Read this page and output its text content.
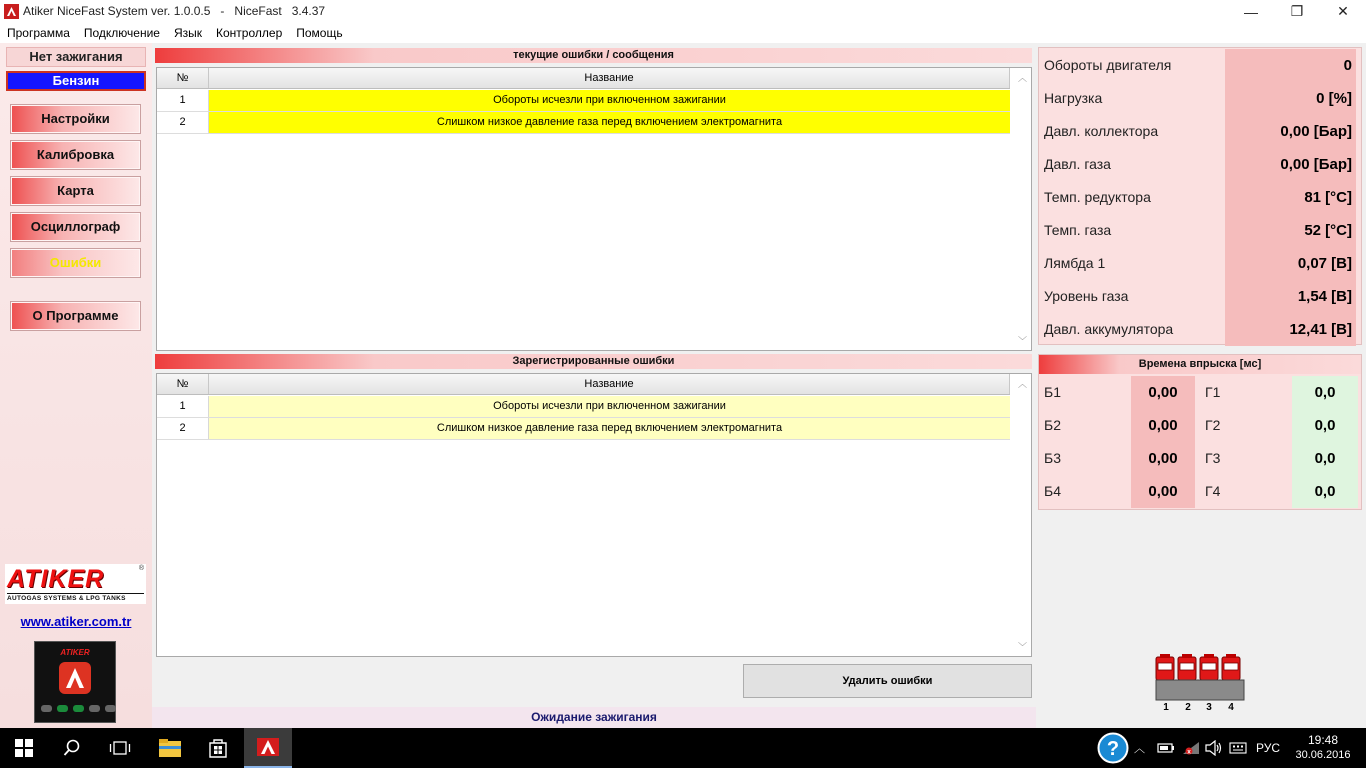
Atiker NiceFast System ver. 1.0.0.5   -   NiceFast   3.4.37	—	❐	✕
Программа	Подключение	Язык	Контроллер	Помощь
Нет зажигания
Бензин
Настройки
Калибровка
Карта
Осциллограф
Ошибки
О Программе
ATIKER	®
AUTOGAS SYSTEMS & LPG TANKS
www.atiker.com.tr
ATIKER
текущие ошибки / сообщения
№	Название
1	Обороты исчезли при включенном зажигании
2	Слишком низкое давление газа перед включением электромагнита
︿
﹀
Зарегистрированные ошибки
№	Название
1	Обороты исчезли при включенном зажигании
2	Слишком низкое давление газа перед включением электромагнита
︿
﹀
Удалить ошибки
Ожидание зажигания
Обороты двигателя	0
Нагрузка	0 [%]
Давл. коллектора	0,00 [Бар]
Давл. газа	0,00 [Бар]
Темп. редуктора	81 [°C]
Темп. газа	52 [°C]
Лямбда 1	0,07 [В]
Уровень газа	1,54 [В]
Давл. аккумулятора	12,41 [В]
Времена впрыска [мс]
Б1	0,00	Г1	0,0
Б2	0,00	Г2	0,0
Б3	0,00	Г3	0,0
Б4	0,00	Г4	0,0
1 2 3 4
? ︿	x	РУС
19:48
30.06.2016
